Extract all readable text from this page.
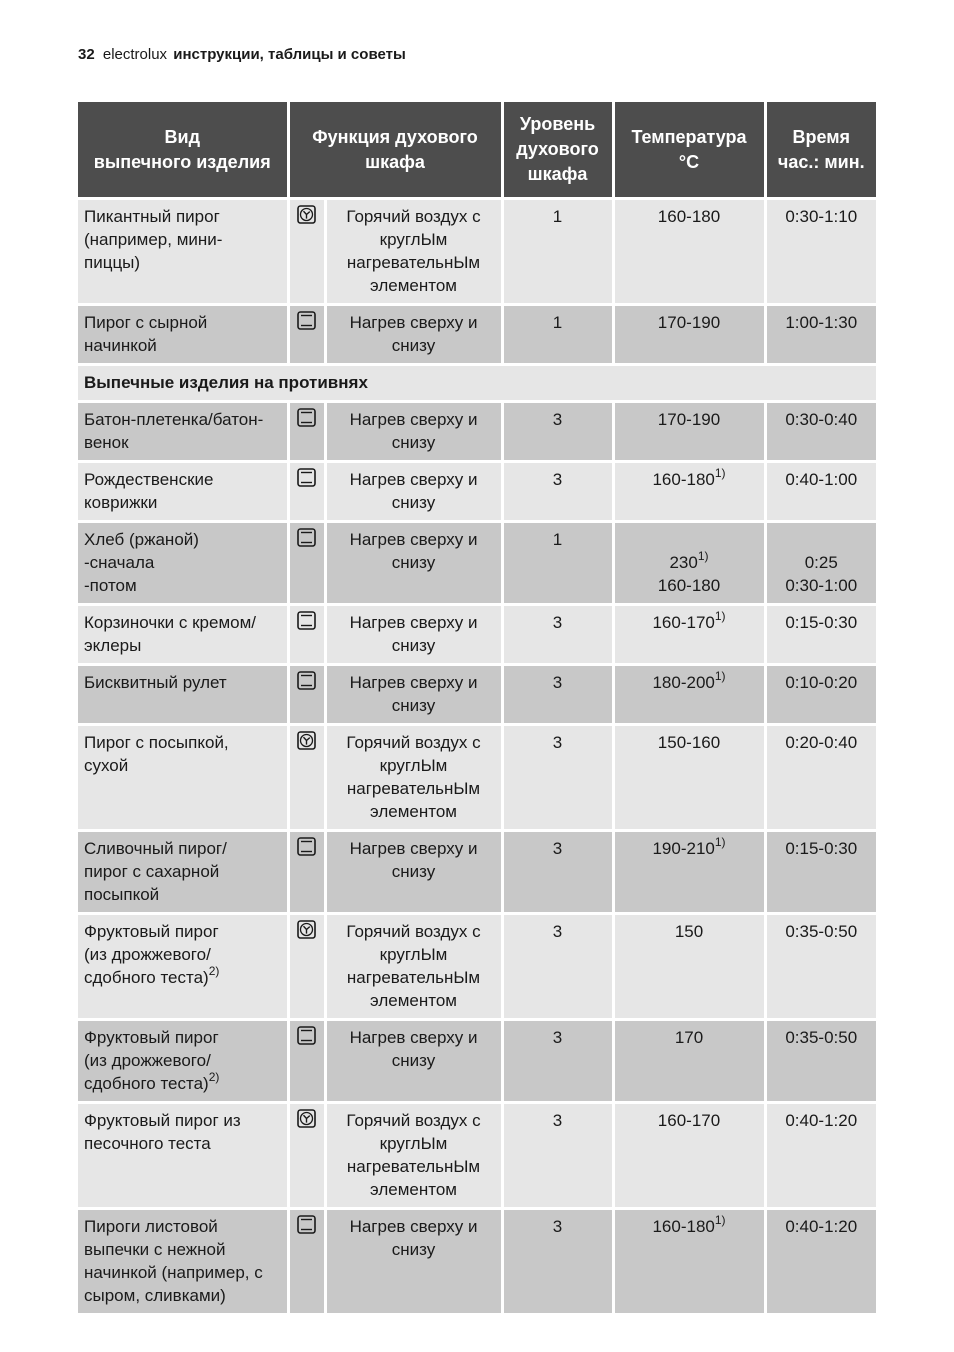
32 electrolux инструкции, таблицы и советы
Вид
выпечного изделия	Функция духового
шкафа		Уровень
духового
шкафа	Температура
°C	Время
час.: мин.
Пикантный пирог
(например, мини-
пиццы)		Горячий воздух с
круглЫм
нагревательнЫм
элементом	1	160-180	0:30-1:10
Пирог с сырной
начинкой		Нагрев сверху и
снизу	1	170-190	1:00-1:30
Выпечные изделия на противнях					
Батон-плетенка/батон-
венок		Нагрев сверху и
снизу	3	170-190	0:30-0:40
Рождественские
коврижки		Нагрев сверху и
снизу	3	160-180$^{1)}$	0:40-1:00
Хлеб (ржаной)
-сначала
-потом		Нагрев сверху и
снизу	1	230$^{1)}$
160-180	0:25
0:30-1:00

Корзиночки с кремом/
эклеры		Нагрев сверху и
снизу	3	160-170$^{1)}$	0:15-0:30
Бисквитный рулет		Нагрев сверху и
снизу	3	180-200$^{1)}$	0:10-0:20
Пирог с посыпкой,
сухой		Горячий воздух с
круглЫм
нагревательнЫм
элементом	3	150-160	0:20-0:40
Сливочный пирог/
пирог с сахарной
посыпкой		Нагрев сверху и
снизу	3	190-210$^{1)}$	0:15-0:30
Фруктовый пирог
(из дрожжевого/
сдобного теста)$^{2)}$		Горячий воздух с
круглЫм
нагревательнЫм
элементом	3	150	0:35-0:50
Фруктовый пирог
(из дрожжевого/
сдобного теста)$^{2)}$		Нагрев сверху и
снизу	3	170	0:35-0:50
Фруктовый пирог из
песочного теста		Горячий воздух с
круглЫм
нагревательнЫм
элементом	3	160-170	0:40-1:20
Пироги листовой
выпечки с нежной
начинкой (например, с
сыром, сливками)		Нагрев сверху и
снизу	3	160-180$^{1)}$	0:40-1:20
